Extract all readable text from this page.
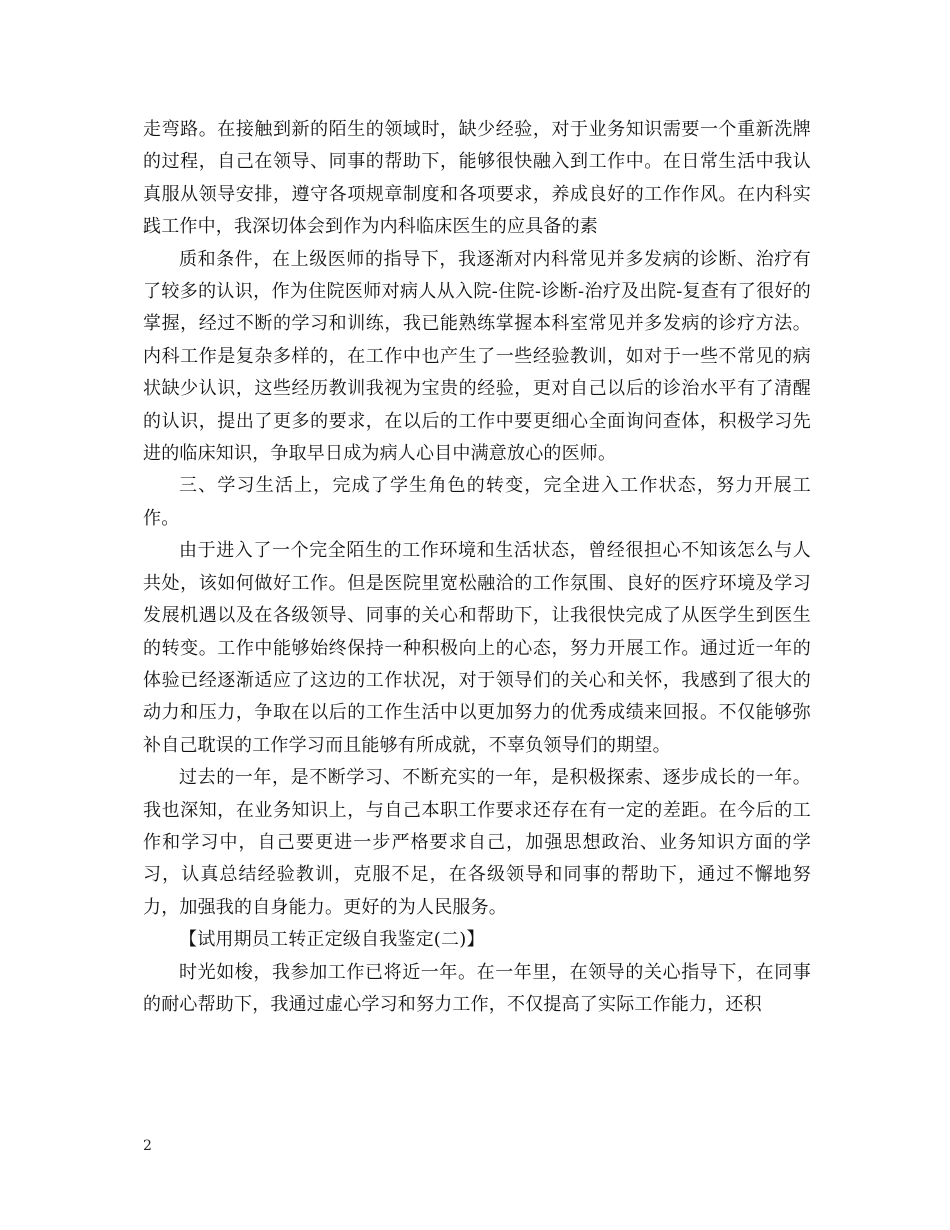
走弯路。在接触到新的陌生的领域时，缺少经验，对于业务知识需要一个重新洗牌的过程，自己在领导、同事的帮助下，能够很快融入到工作中。在日常生活中我认真服从领导安排，遵守各项规章制度和各项要求，养成良好的工作作风。在内科实践工作中，我深切体会到作为内科临床医生的应具备的素

质和条件，在上级医师的指导下，我逐渐对内科常见并多发病的诊断、治疗有了较多的认识，作为住院医师对病人从入院-住院-诊断-治疗及出院-复查有了很好的掌握，经过不断的学习和训练，我已能熟练掌握本科室常见并多发病的诊疗方法。内科工作是复杂多样的，在工作中也产生了一些经验教训，如对于一些不常见的病状缺少认识，这些经历教训我视为宝贵的经验，更对自己以后的诊治水平有了清醒的认识，提出了更多的要求，在以后的工作中要更细心全面询问查体，积极学习先进的临床知识，争取早日成为病人心目中满意放心的医师。

三、学习生活上，完成了学生角色的转变，完全进入工作状态，努力开展工作。

由于进入了一个完全陌生的工作环境和生活状态，曾经很担心不知该怎么与人共处，该如何做好工作。但是医院里宽松融洽的工作氛围、良好的医疗环境及学习发展机遇以及在各级领导、同事的关心和帮助下，让我很快完成了从医学生到医生的转变。工作中能够始终保持一种积极向上的心态，努力开展工作。通过近一年的体验已经逐渐适应了这边的工作状况，对于领导们的关心和关怀，我感到了很大的动力和压力，争取在以后的工作生活中以更加努力的优秀成绩来回报。不仅能够弥补自己耽误的工作学习而且能够有所成就，不辜负领导们的期望。

过去的一年，是不断学习、不断充实的一年，是积极探索、逐步成长的一年。我也深知，在业务知识上，与自己本职工作要求还存在有一定的差距。在今后的工作和学习中，自己要更进一步严格要求自己，加强思想政治、业务知识方面的学习，认真总结经验教训，克服不足，在各级领导和同事的帮助下，通过不懈地努力，加强我的自身能力。更好的为人民服务。

【试用期员工转正定级自我鉴定(二)】

时光如梭，我参加工作已将近一年。在一年里，在领导的关心指导下，在同事的耐心帮助下，我通过虚心学习和努力工作，不仅提高了实际工作能力，还积

2
